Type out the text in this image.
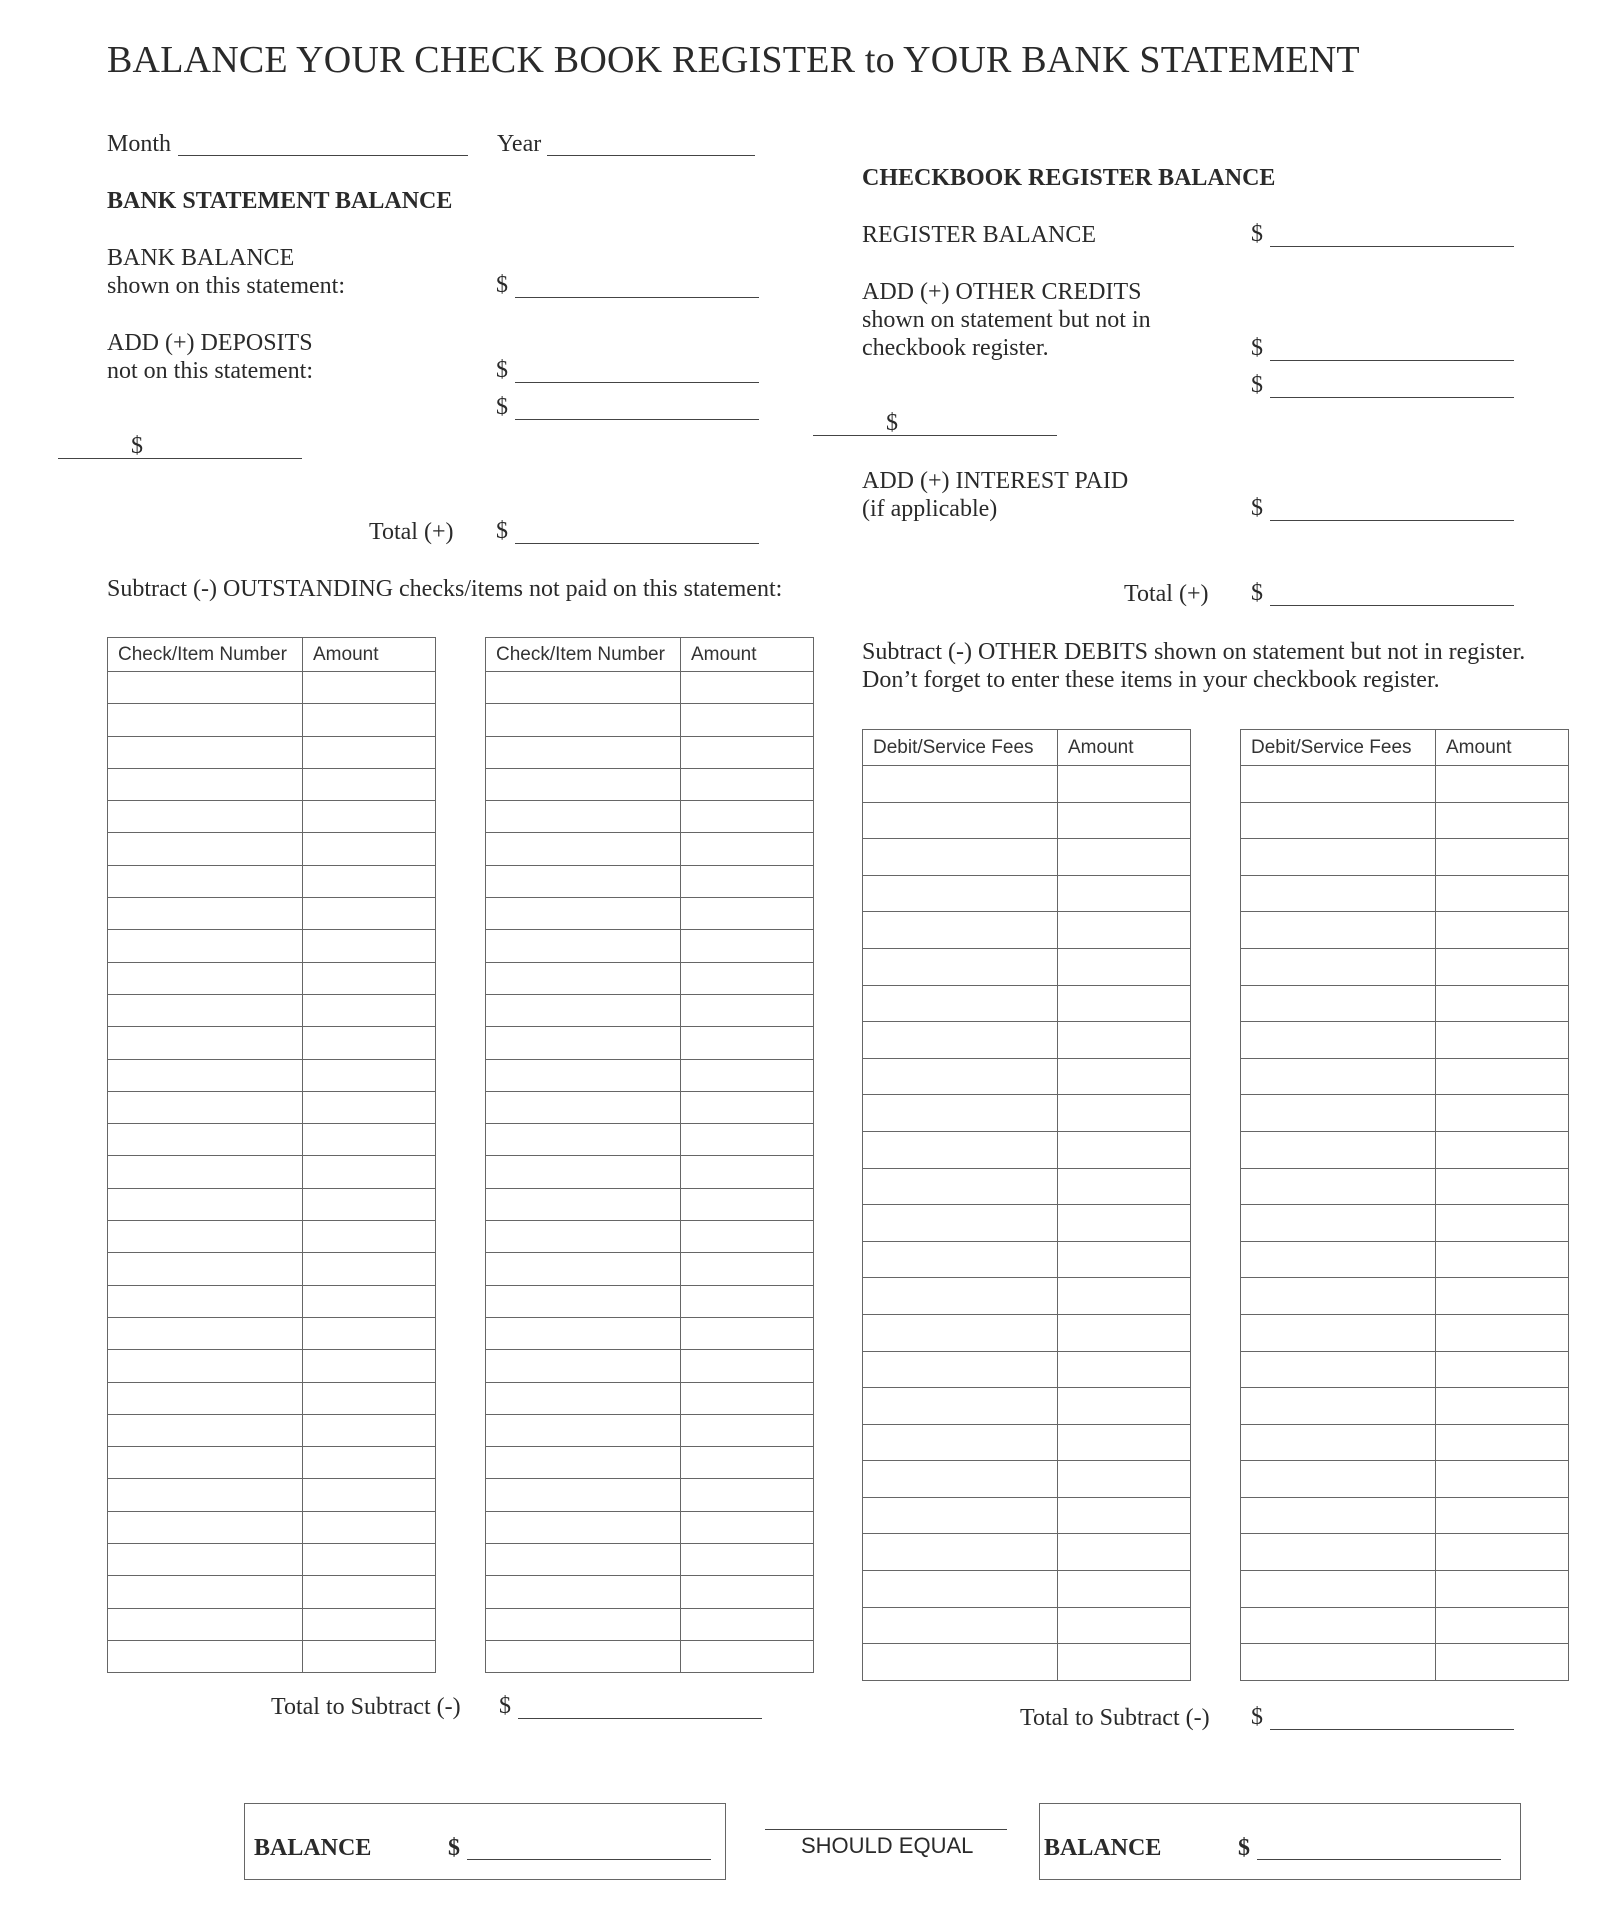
BALANCE YOUR CHECK BOOK REGISTER to YOUR BANK STATEMENT
Month	Year
BANK STATEMENT BALANCE
BANK BALANCE
shown on this statement:	$
ADD (+) DEPOSITS
not on this statement:	$
$
$
Total (+) $
Subtract (-) OUTSTANDING checks/items not paid on this statement:
Check/Item Number	Amount

		Check/Item Number	Amount

Total to Subtract (-) $
CHECKBOOK REGISTER BALANCE
REGISTER BALANCE	$
ADD (+) OTHER CREDITS
shown on statement but not in
checkbook register.	$
$
$
ADD (+) INTEREST PAID
(if applicable)	$
Total (+) $
Subtract (-) OTHER DEBITS shown on statement but not in register.
Don’t forget to enter these items in your checkbook register.
Debit/Service Fees	Amount

		Debit/Service Fees	Amount

Total to Subtract (-) $
BALANCE	$	SHOULD EQUAL	BALANCE	$
